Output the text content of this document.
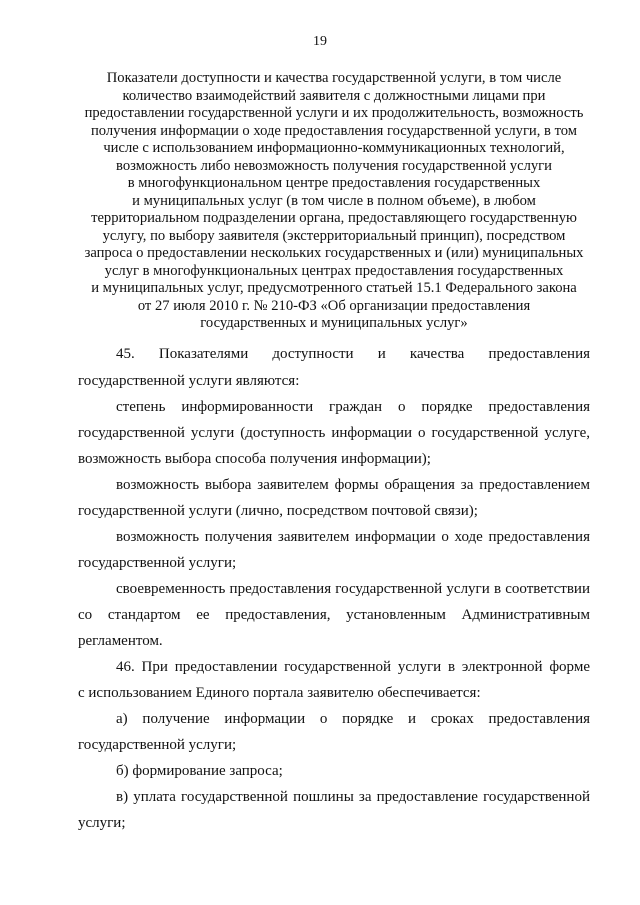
19
Показатели доступности и качества государственной услуги, в том числе
количество взаимодействий заявителя с должностными лицами при
предоставлении государственной услуги и их продолжительность, возможность
получения информации о ходе предоставления государственной услуги, в том
числе с использованием информационно-коммуникационных технологий,
возможность либо невозможность получения государственной услуги
в многофункциональном центре предоставления государственных
и муниципальных услуг (в том числе в полном объеме), в любом
территориальном подразделении органа, предоставляющего государственную
услугу, по выбору заявителя (экстерриториальный принцип), посредством
запроса о предоставлении нескольких государственных и (или) муниципальных
услуг в многофункциональных центрах предоставления государственных
и муниципальных услуг, предусмотренного статьей 15.1 Федерального закона
от 27 июля 2010 г. № 210-ФЗ «Об организации предоставления
государственных и муниципальных услуг»
45. Показателями доступности и качества предоставления
государственной услуги являются:
степень информированности граждан о порядке предоставления
государственной услуги (доступность информации о государственной услуге,
возможность выбора способа получения информации);
возможность выбора заявителем формы обращения за предоставлением
государственной услуги (лично, посредством почтовой связи);
возможность получения заявителем информации о ходе предоставления
государственной услуги;
своевременность предоставления государственной услуги в соответствии
со стандартом ее предоставления, установленным Административным
регламентом.
46. При предоставлении государственной услуги в электронной форме
с использованием Единого портала заявителю обеспечивается:
а) получение информации о порядке и сроках предоставления
государственной услуги;
б) формирование запроса;
в) уплата государственной пошлины за предоставление государственной
услуги;
